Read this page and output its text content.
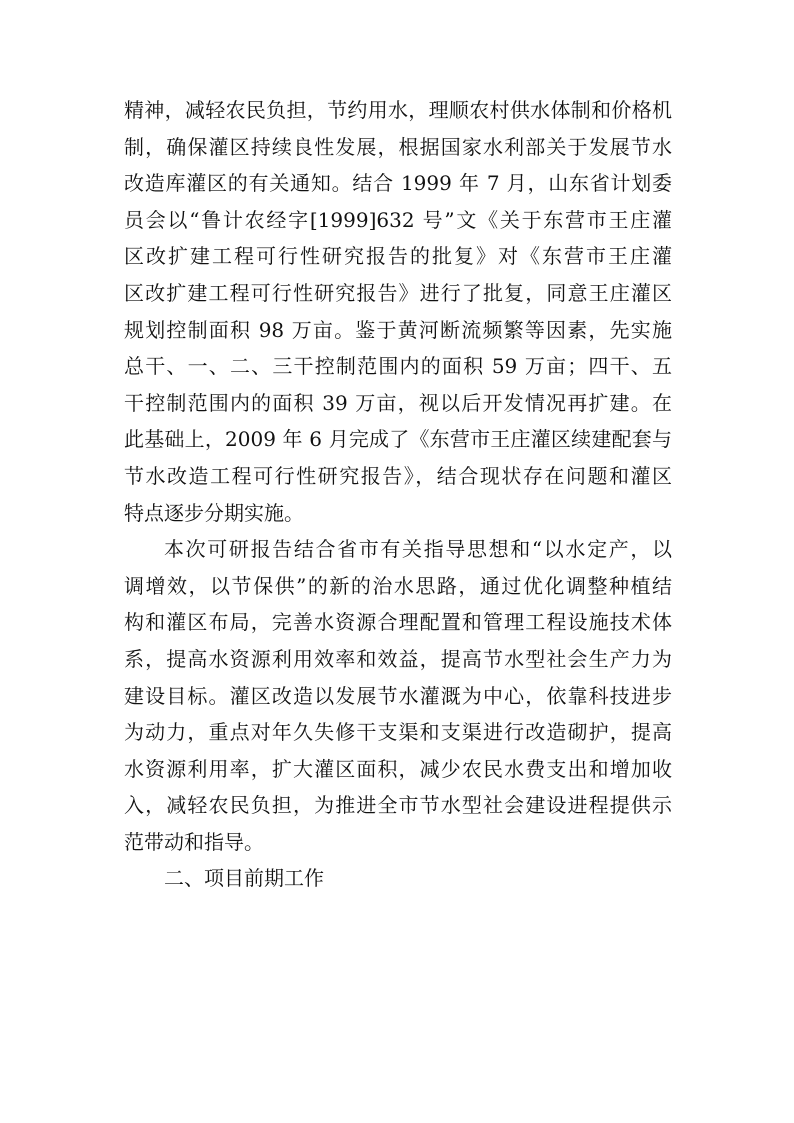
精神，减轻农民负担，节约用水，理顺农村供水体制和价格机
制，确保灌区持续良性发展，根据国家水利部关于发展节水
改造库灌区的有关通知。结合 1999 年 7 月，山东省计划委
员会以“鲁计农经字[1999]632 号”文《关于东营市王庄灌
区改扩建工程可行性研究报告的批复》对《东营市王庄灌
区改扩建工程可行性研究报告》进行了批复，同意王庄灌区
规划控制面积 98 万亩。鉴于黄河断流频繁等因素，先实施
总干、一、二、三干控制范围内的面积 59 万亩；四干、五
干控制范围内的面积 39 万亩，视以后开发情况再扩建。在
此基础上，2009 年 6 月完成了《东营市王庄灌区续建配套与
节水改造工程可行性研究报告》，结合现状存在问题和灌区
特点逐步分期实施。
本次可研报告结合省市有关指导思想和“以水定产，以
调增效，以节保供”的新的治水思路，通过优化调整种植结
构和灌区布局，完善水资源合理配置和管理工程设施技术体
系，提高水资源利用效率和效益，提高节水型社会生产力为
建设目标。灌区改造以发展节水灌溉为中心，依靠科技进步
为动力，重点对年久失修干支渠和支渠进行改造砌护，提高
水资源利用率，扩大灌区面积，减少农民水费支出和增加收
入，减轻农民负担，为推进全市节水型社会建设进程提供示
范带动和指导。
二、项目前期工作
